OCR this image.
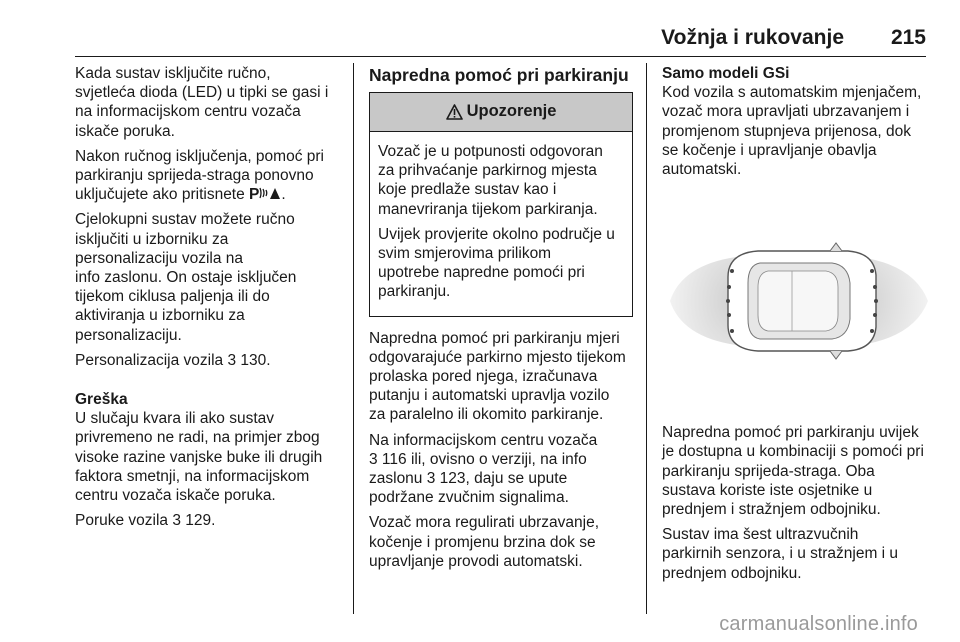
Vožnja i rukovanje 215

Kada sustav isključite ručno,
svjetleća dioda (LED) u tipki se gasi i
na informacijskom centru vozača
iskače poruka.

Nakon ručnog isključenja, pomoć pri
parkiranju sprijeda-straga ponovno
uključujete ako pritisnete P .

Cjelokupni sustav možete ručno
isključiti u izborniku za
personalizaciju vozila na
info zaslonu. On ostaje isključen
tijekom ciklusa paljenja ili do
aktiviranja u izborniku za
personalizaciju.

Personalizacija vozila 3 130.

Greška

U slučaju kvara ili ako sustav
privremeno ne radi, na primjer zbog
visoke razine vanjske buke ili drugih
faktora smetnji, na informacijskom
centru vozača iskače poruka.

Poruke vozila 3 129.

Napredna pomoć pri parkiranju

Upozorenje

Vozač je u potpunosti odgovoran
za prihvaćanje parkirnog mjesta
koje predlaže sustav kao i
manevriranja tijekom parkiranja.

Uvijek provjerite okolno područje u
svim smjerovima prilikom
upotrebe napredne pomoći pri
parkiranju.

Napredna pomoć pri parkiranju mjeri
odgovarajuće parkirno mjesto tijekom
prolaska pored njega, izračunava
putanju i automatski upravlja vozilo
za paralelno ili okomito parkiranje.

Na informacijskom centru vozača
3 116 ili, ovisno o verziji, na info
zaslonu 3 123, daju se upute
podržane zvučnim signalima.

Vozač mora regulirati ubrzavanje,
kočenje i promjenu brzina dok se
upravljanje provodi automatski.

Samo modeli GSi

Kod vozila s automatskim mjenjačem,
vozač mora upravljati ubrzavanjem i
promjenom stupnjeva prijenosa, dok
se kočenje i upravljanje obavlja
automatski.

Napredna pomoć pri parkiranju uvijek
je dostupna u kombinaciji s pomoći pri
parkiranju sprijeda-straga. Oba
sustava koriste iste osjetnike u
prednjem i stražnjem odbojniku.

Sustav ima šest ultrazvučnih
parkirnih senzora, i u stražnjem i u
prednjem odbojniku.

carmanualsonline.info
